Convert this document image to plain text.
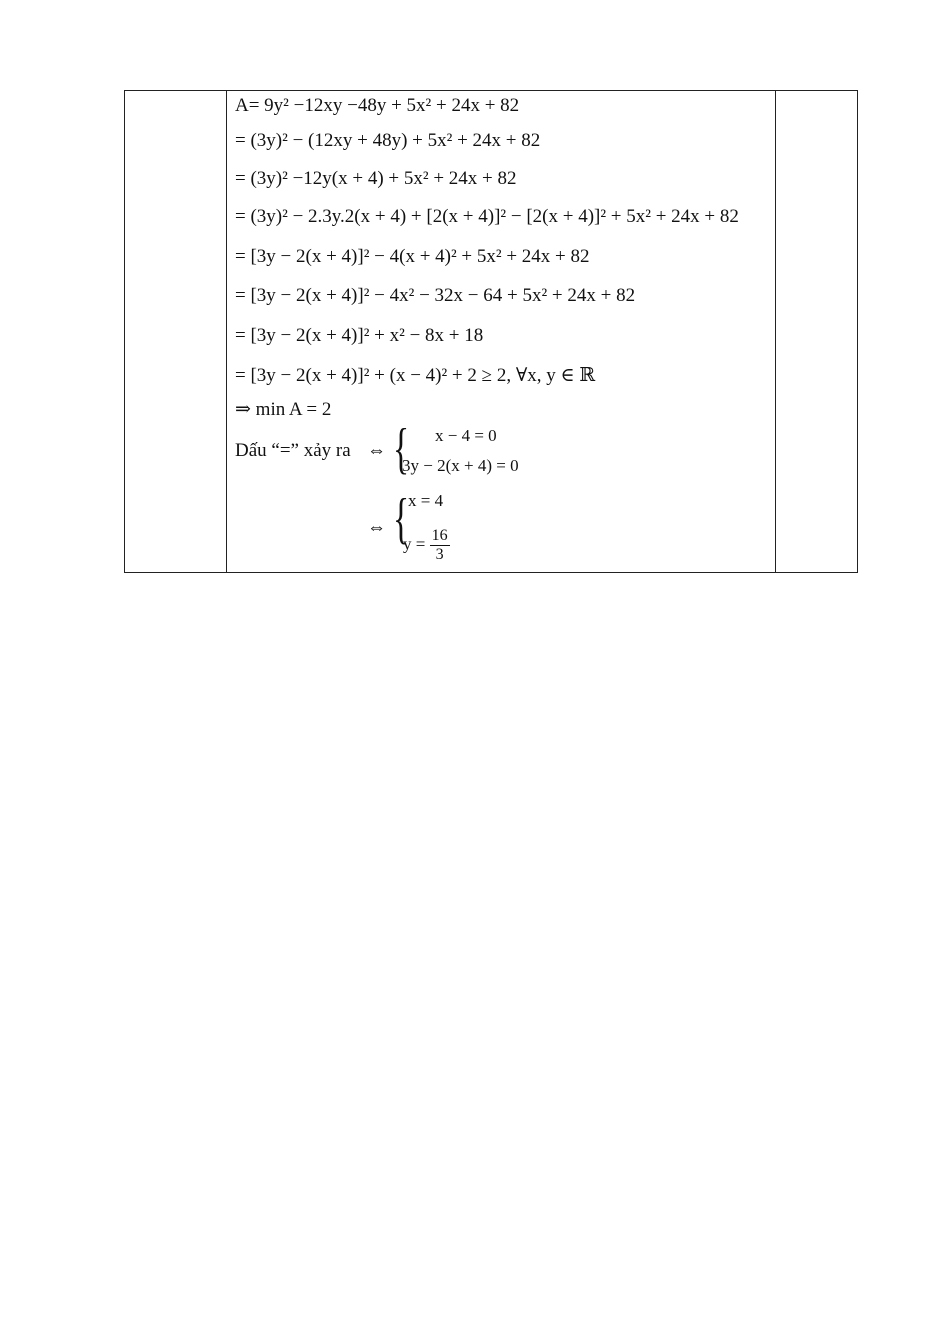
A= 9y² −12xy −48y + 5x² + 24x + 82
= (3y)² − (12xy + 48y) + 5x² + 24x + 82
= (3y)² −12y(x + 4) + 5x² + 24x + 82
= (3y)² − 2.3y.2(x + 4) + [2(x + 4)]² − [2(x + 4)]² + 5x² + 24x + 82
= [3y − 2(x + 4)]² − 4(x + 4)² + 5x² + 24x + 82
= [3y − 2(x + 4)]² − 4x² − 32x − 64 + 5x² + 24x + 82
= [3y − 2(x + 4)]² + x² − 8x + 18
= [3y − 2(x + 4)]² + (x − 4)² + 2 ≥ 2, ∀x, y ∈ ℝ
⇒ min A = 2
Dấu “=” xảy ra ⇔ { x − 4 = 0
3y − 2(x + 4) = 0
⇔ {
x = 4
$y = \frac{16}{3}$
